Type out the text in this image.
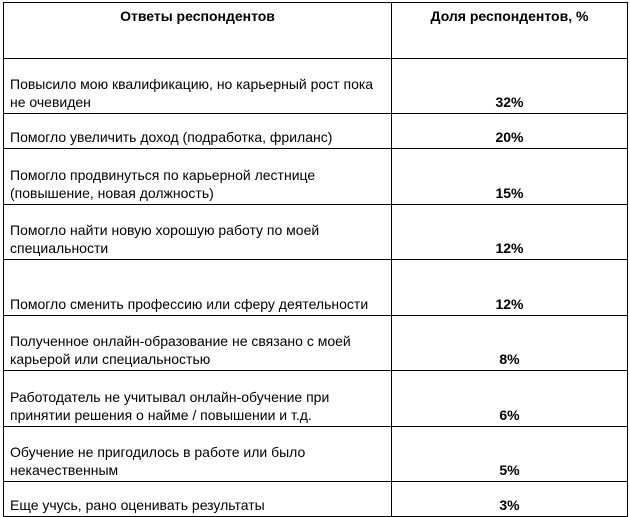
Ответы респондентов	Доля респондентов, %
Повысило мою квалификацию, но карьерный рост пока не очевиден	32%
Помогло увеличить доход (подработка, фриланс)	20%
Помогло продвинуться по карьерной лестнице (повышение, новая должность)	15%
Помогло найти новую хорошую работу по моей специальности	12%
Помогло сменить профессию или сферу деятельности	12%
Полученное онлайн-образование не связано с моей карьерой или специальностью	8%
Работодатель не учитывал онлайн-обучение при принятии решения о найме / повышении и т.д.	6%
Обучение не пригодилось в работе или было некачественным	5%
Еще учусь, рано оценивать результаты	3%
